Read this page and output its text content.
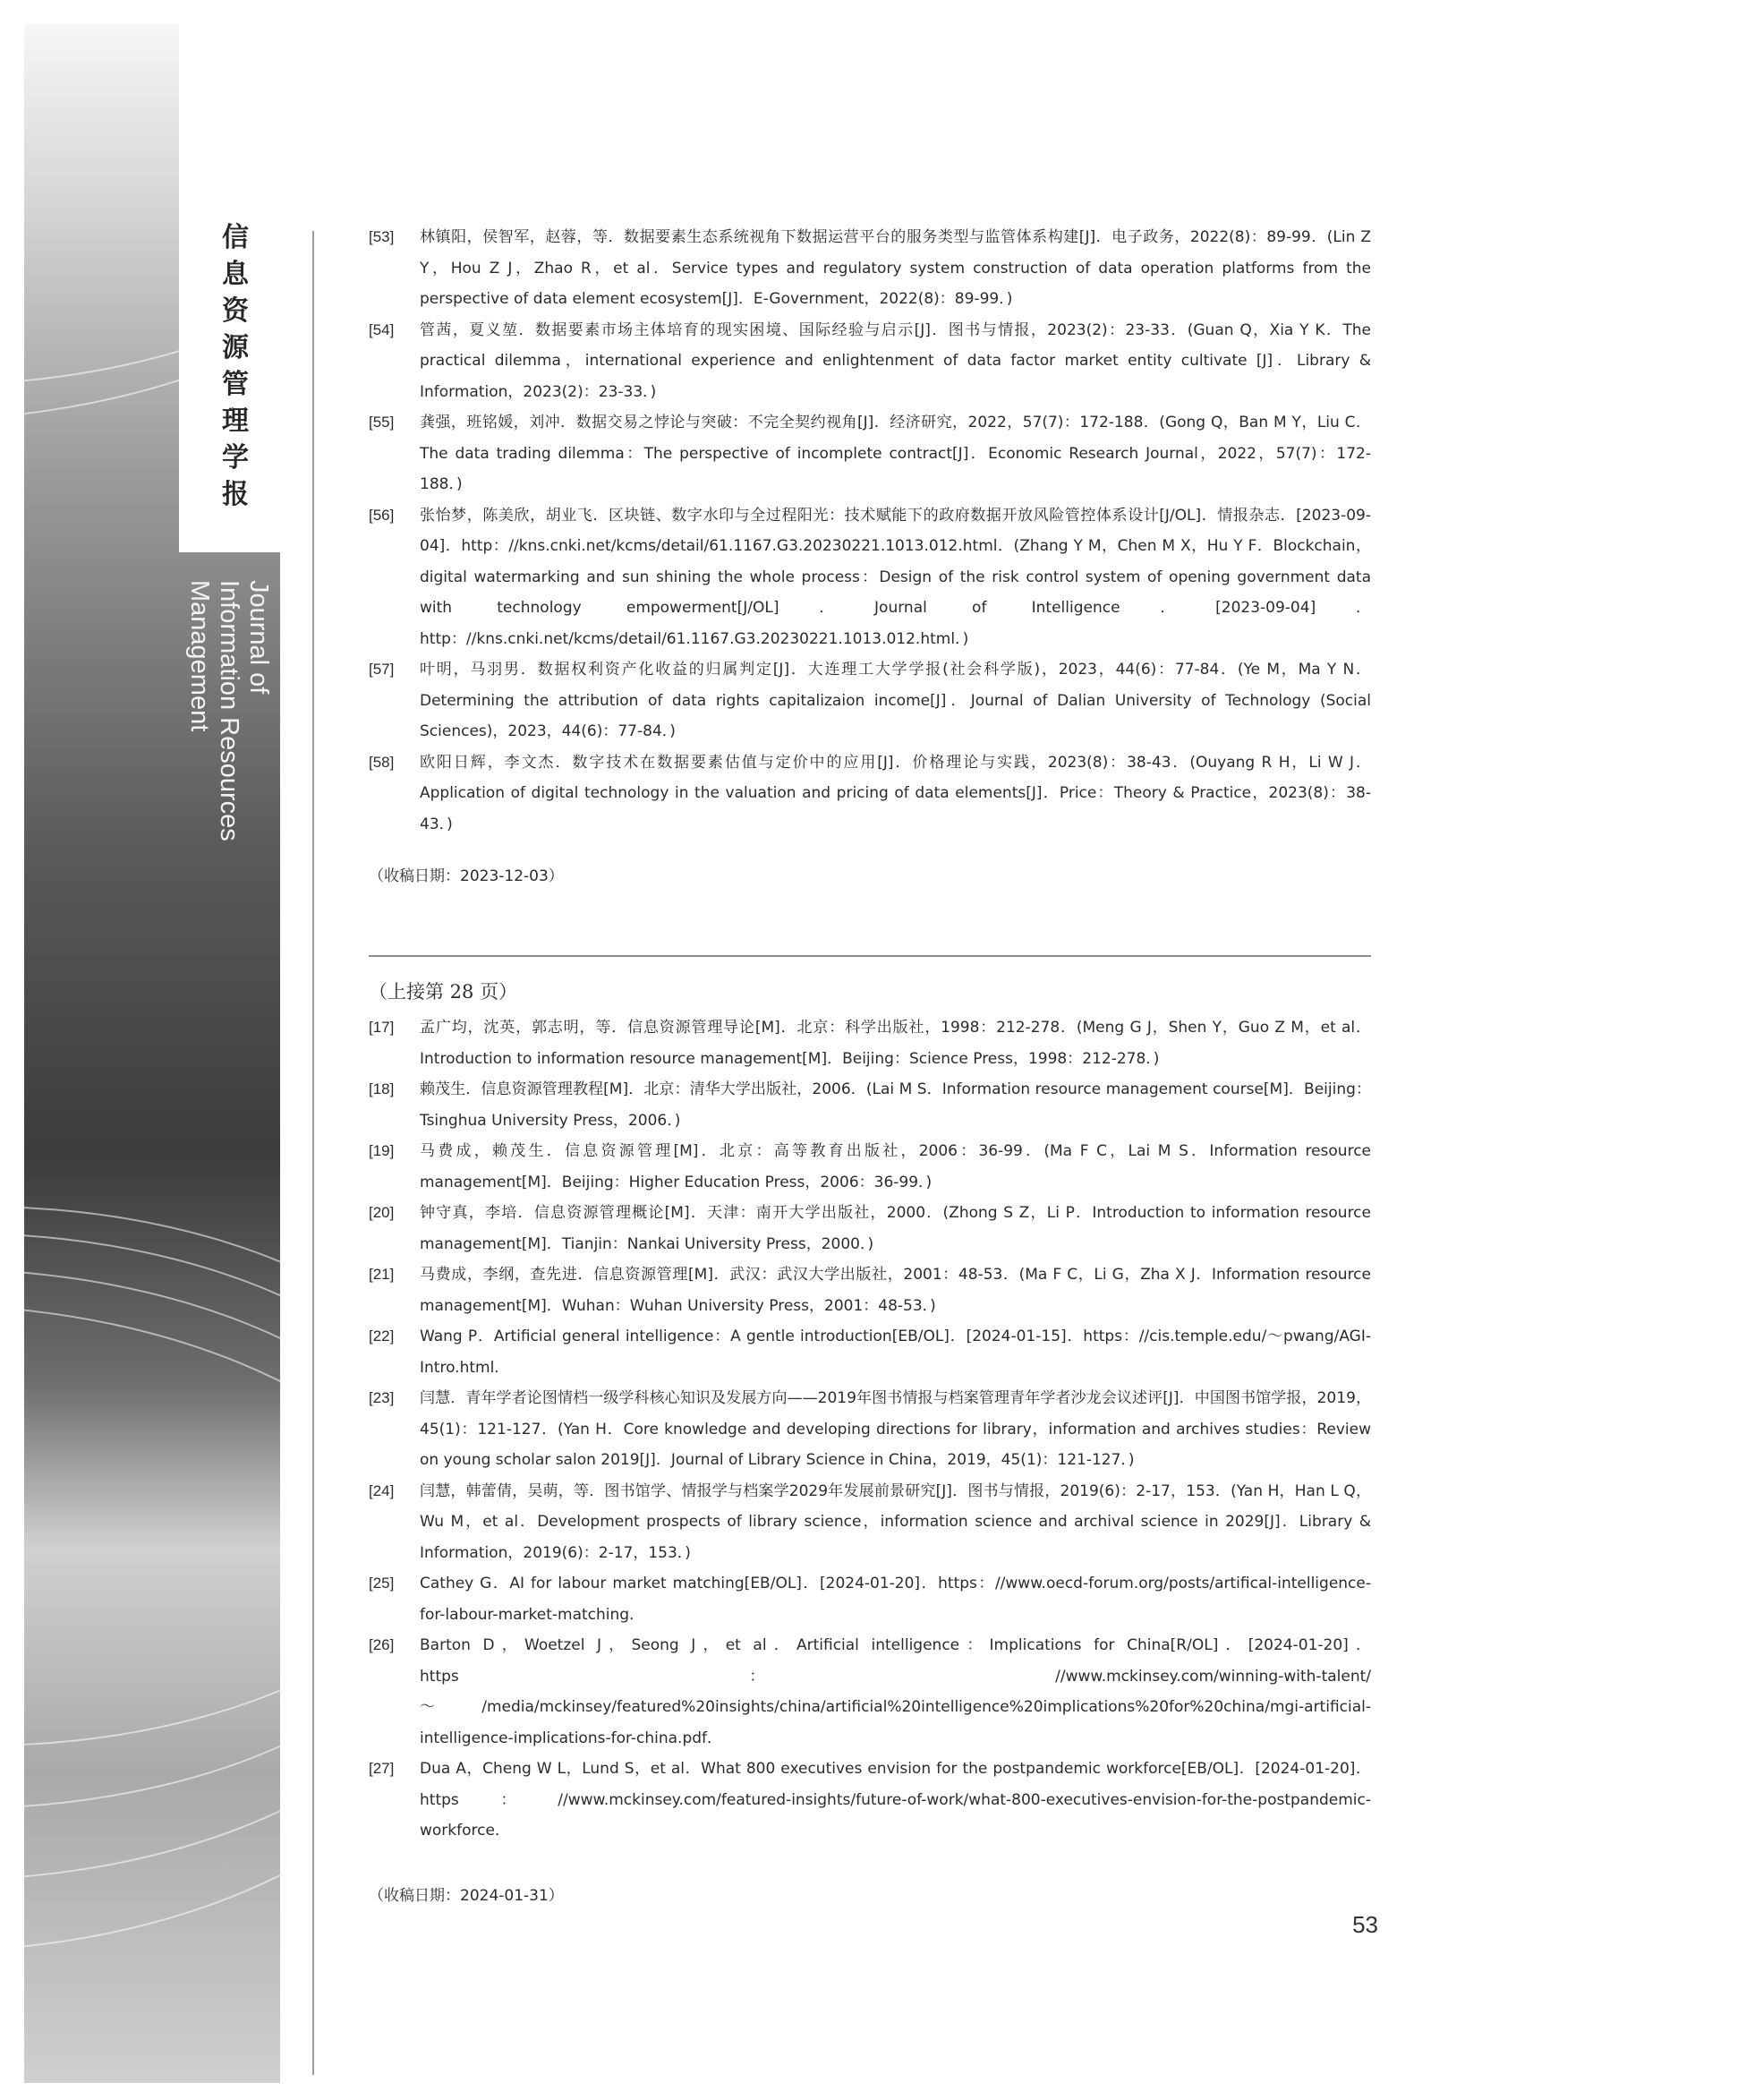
信息资源管理学报
Journal of
Information Resources
Management
[53]	林镇阳，侯智军，赵蓉，等．数据要素生态系统视角下数据运营平台的服务类型与监管体系构建[J]．电子政务，2022(8)：89-99．(Lin Z Y，Hou Z J，Zhao R，et al．Service types and regulatory system construction of data operation platforms from the perspective of data element ecosystem[J]．E-Government，2022(8)：89-99．)
[54]	管茜，夏义堃．数据要素市场主体培育的现实困境、国际经验与启示[J]．图书与情报，2023(2)：23-33．(Guan Q，Xia Y K．The practical dilemma，international experience and enlightenment of data factor market entity cultivate [J]．Library & Information，2023(2)：23-33．)
[55]	龚强，班铭媛，刘冲．数据交易之悖论与突破：不完全契约视角[J]．经济研究，2022，57(7)：172-188．(Gong Q，Ban M Y，Liu C．The data trading dilemma：The perspective of incomplete contract[J]．Economic Research Journal，2022，57(7)：172-188．)
[56]	张怡梦，陈美欣，胡业飞．区块链、数字水印与全过程阳光：技术赋能下的政府数据开放风险管控体系设计[J/OL]．情报杂志．[2023-09-04]．http：//kns.cnki.net/kcms/detail/61.1167.G3.20230221.1013.012.html．(Zhang Y M，Chen M X，Hu Y F．Blockchain，digital watermarking and sun shining the whole process：Design of the risk control system of opening government data with technology empowerment[J/OL]．Journal of Intelligence．[2023-09-04]．http：//kns.cnki.net/kcms/detail/61.1167.G3.20230221.1013.012.html．)
[57]	叶明，马羽男．数据权利资产化收益的归属判定[J]．大连理工大学学报(社会科学版)，2023，44(6)：77-84．(Ye M，Ma Y N．Determining the attribution of data rights capitalizaion income[J]．Journal of Dalian University of Technology (Social Sciences)，2023，44(6)：77-84．)
[58]	欧阳日辉，李文杰．数字技术在数据要素估值与定价中的应用[J]．价格理论与实践，2023(8)：38-43．(Ouyang R H，Li W J．Application of digital technology in the valuation and pricing of data elements[J]．Price：Theory & Practice，2023(8)：38-43．)
（收稿日期：2023-12-03）
（上接第 28 页）
[17]	孟广均，沈英，郭志明，等．信息资源管理导论[M]．北京：科学出版社，1998：212-278．(Meng G J，Shen Y，Guo Z M，et al．Introduction to information resource management[M]．Beijing：Science Press，1998：212-278．)
[18]	赖茂生．信息资源管理教程[M]．北京：清华大学出版社，2006．(Lai M S．Information resource management course[M]．Beijing：Tsinghua University Press，2006．)
[19]	马费成，赖茂生．信息资源管理[M]．北京：高等教育出版社，2006：36-99．(Ma F C，Lai M S．Information resource management[M]．Beijing：Higher Education Press，2006：36-99．)
[20]	钟守真，李培．信息资源管理概论[M]．天津：南开大学出版社，2000．(Zhong S Z，Li P．Introduction to information resource management[M]．Tianjin：Nankai University Press，2000．)
[21]	马费成，李纲，查先进．信息资源管理[M]．武汉：武汉大学出版社，2001：48-53．(Ma F C，Li G，Zha X J．Information resource management[M]．Wuhan：Wuhan University Press，2001：48-53．)
[22]	Wang P．Artificial general intelligence：A gentle introduction[EB/OL]．[2024-01-15]．https：//cis.temple.edu/～pwang/AGI-Intro.html．
[23]	闫慧．青年学者论图情档一级学科核心知识及发展方向——2019年图书情报与档案管理青年学者沙龙会议述评[J]．中国图书馆学报，2019，45(1)：121-127．(Yan H．Core knowledge and developing directions for library，information and archives studies：Review on young scholar salon 2019[J]．Journal of Library Science in China，2019，45(1)：121-127．)
[24]	闫慧，韩蕾倩，吴萌，等．图书馆学、情报学与档案学2029年发展前景研究[J]．图书与情报，2019(6)：2-17，153．(Yan H，Han L Q，Wu M，et al．Development prospects of library science，information science and archival science in 2029[J]．Library & Information，2019(6)：2-17，153．)
[25]	Cathey G．AI for labour market matching[EB/OL]．[2024-01-20]．https：//www.oecd-forum.org/posts/artifical-intelligence-for-labour-market-matching．
[26]	Barton D，Woetzel J，Seong J，et al．Artificial intelligence：Implications for China[R/OL]．[2024-01-20]．https：//www.mckinsey.com/winning-with-talent/～/media/mckinsey/featured%20insights/china/artificial%20intelligence%20implications%20for%20china/mgi-artificial-intelligence-implications-for-china.pdf．
[27]	Dua A，Cheng W L，Lund S，et al．What 800 executives envision for the postpandemic workforce[EB/OL]．[2024-01-20]．https：//www.mckinsey.com/featured-insights/future-of-work/what-800-executives-envision-for-the-postpandemic-workforce．
（收稿日期：2024-01-31）
53
